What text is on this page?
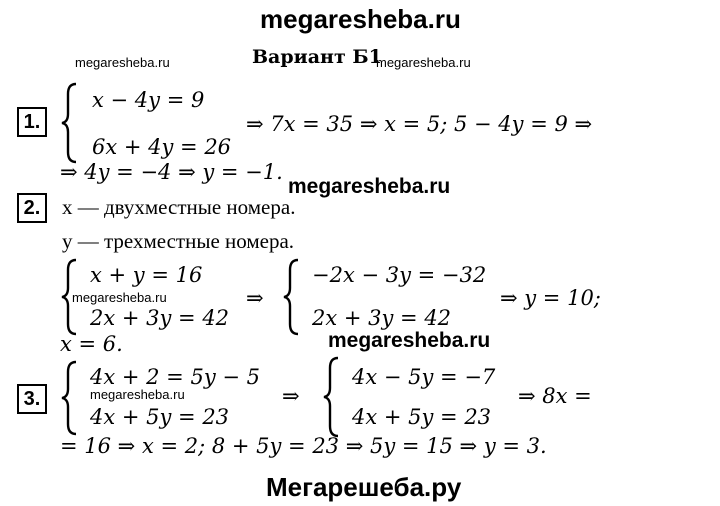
megaresheba.ru
megaresheba.ru	Вариант Б1
megaresheba.ru
1.
x − 4y = 9
6x + 4y = 26
⇒ 7x = 35 ⇒ x = 5; 5 − 4y = 9 ⇒
⇒ 4y = −4 ⇒ y = −1.
megaresheba.ru
2.	x — двухместные номера.
y — трехместные номера.
x + y = 16
megaresheba.ru
2x + 3y = 42
⇒
−2x − 3y = −32
2x + 3y = 42
⇒ y = 10;
x = 6.	megaresheba.ru
3.
4x + 2 = 5y − 5
megaresheba.ru
4x + 5y = 23
⇒
4x − 5y = −7
4x + 5y = 23
⇒ 8x =
= 16 ⇒ x = 2; 8 + 5y = 23 ⇒ 5y = 15 ⇒ y = 3.
Мегарешеба.ру
